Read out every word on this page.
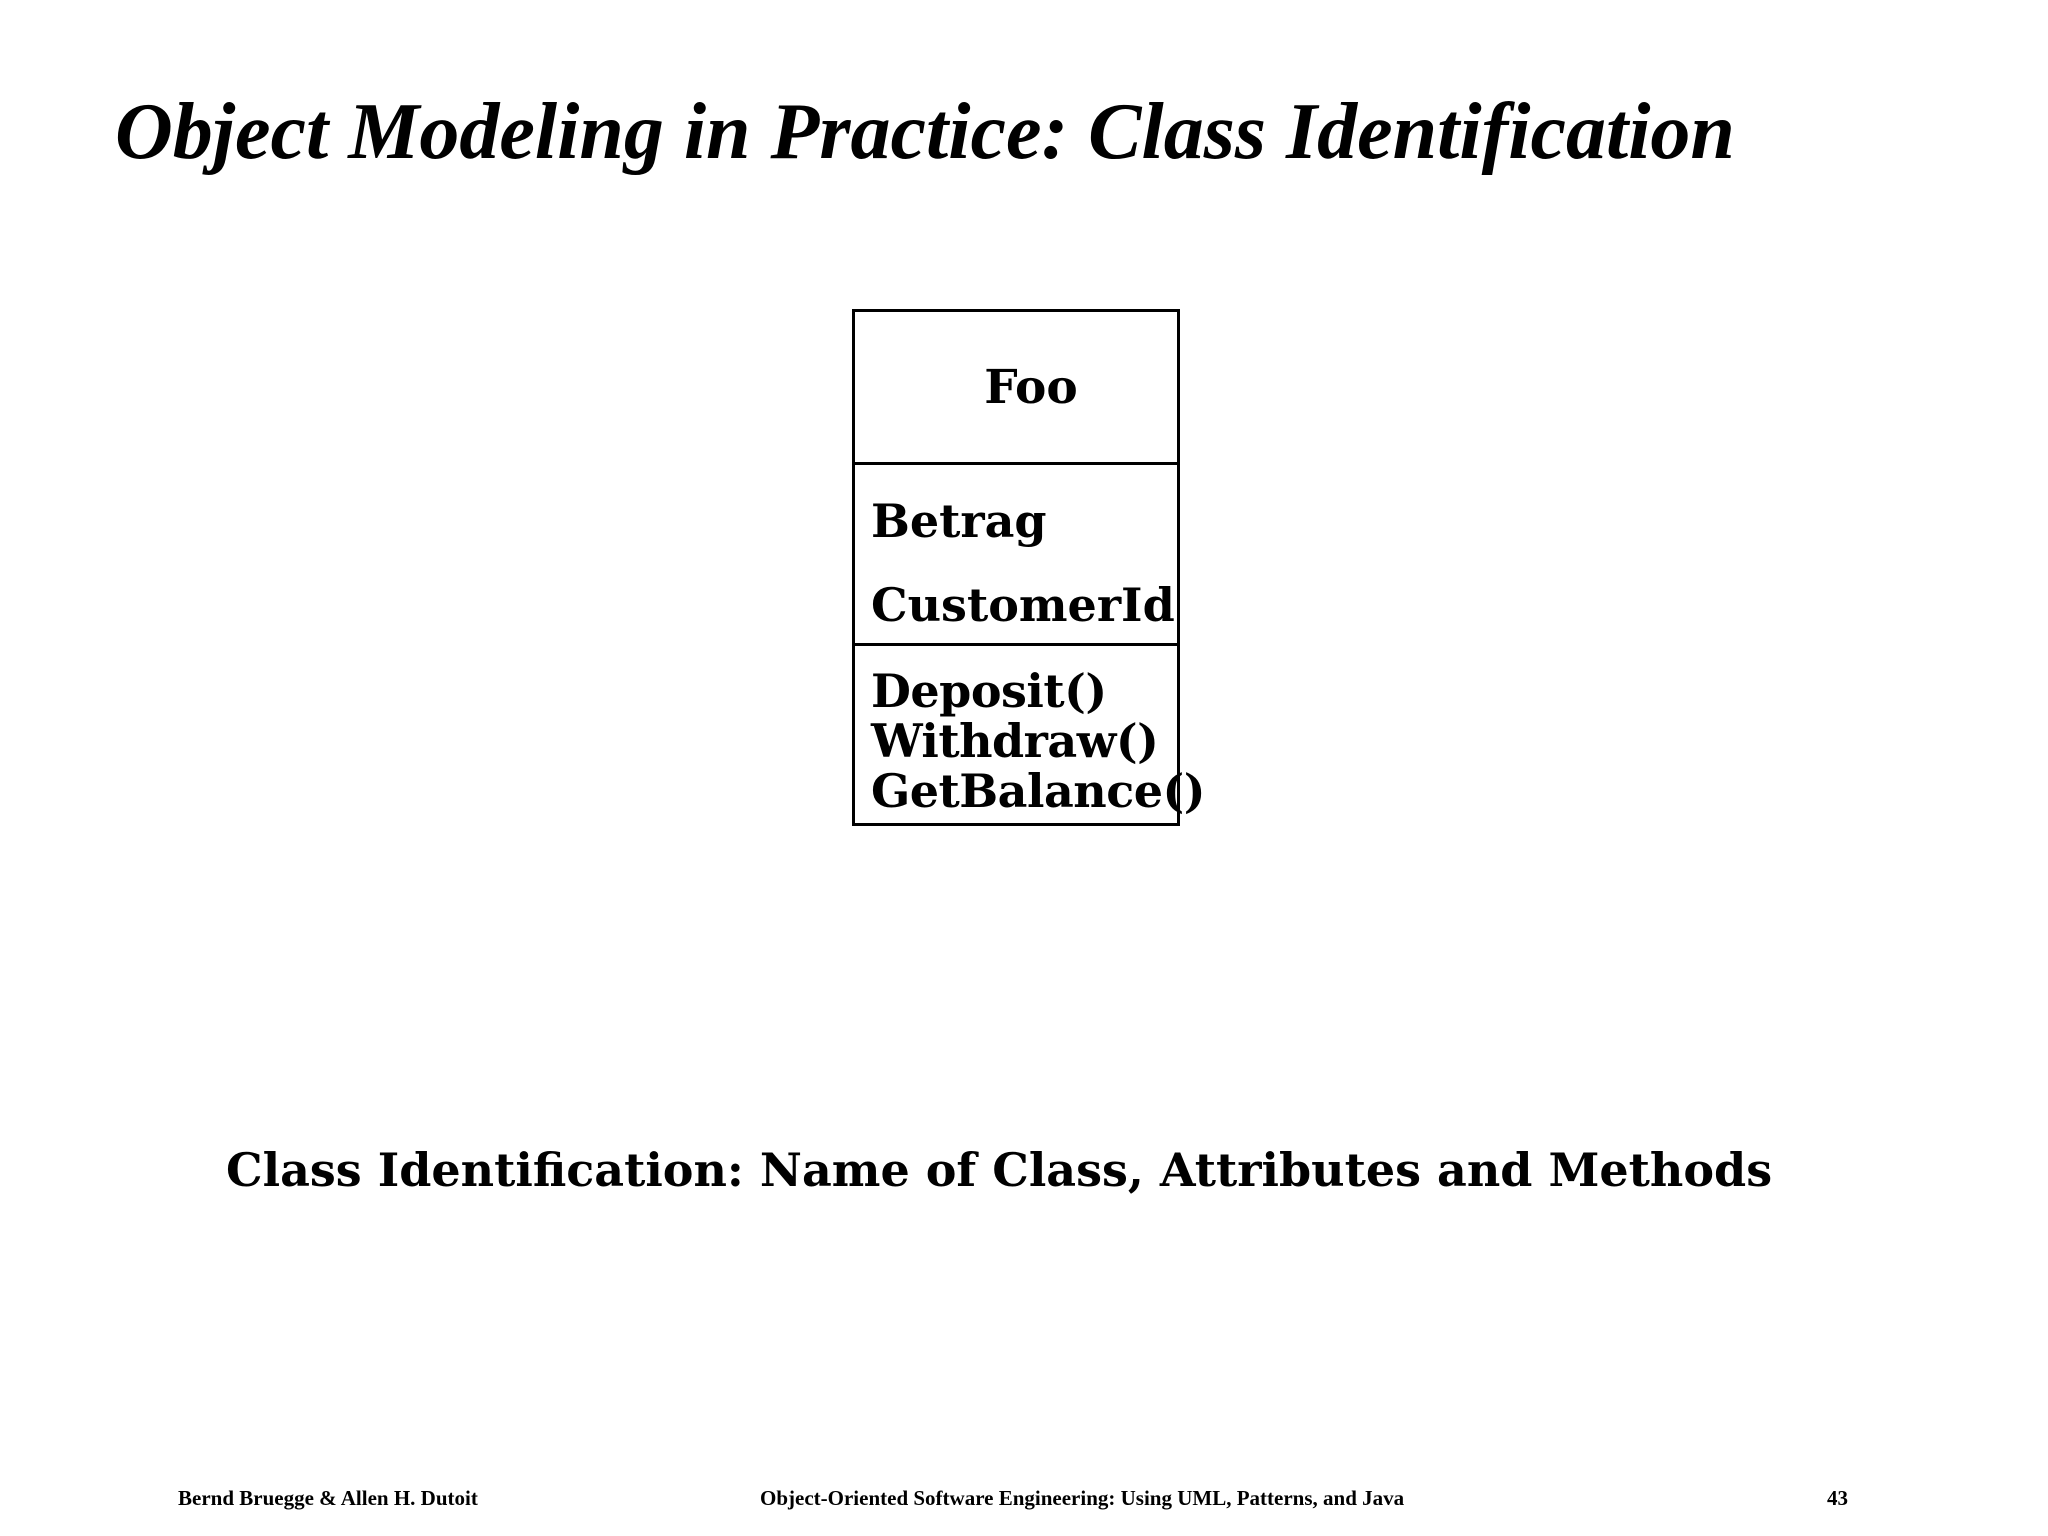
Object Modeling in Practice: Class Identification
Foo
Betrag
CustomerId
Deposit()
Withdraw()
GetBalance()

Class Identification: Name of Class, Attributes and Methods

Bernd Bruegge & Allen H. Dutoit	Object-Oriented Software Engineering: Using UML, Patterns, and Java	43
